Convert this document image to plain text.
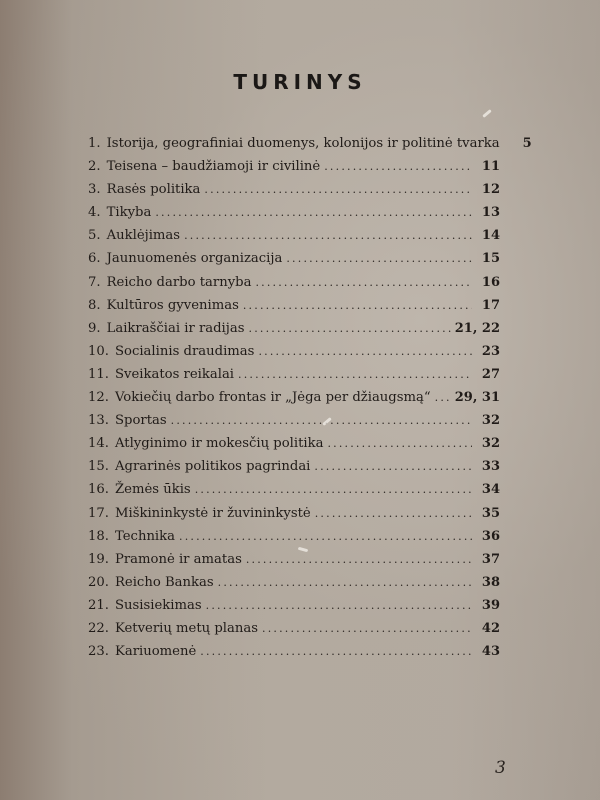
TURINYS
1. Istorija, geografiniai duomenys, kolonijos ir politinė tvarka	5
2. Teisena – baudžiamoji ir civilinė .....	11
3. Rasės politika .....	12
4. Tikyba .....	13
5. Auklėjimas .....	14
6. Jaunuomenės organizacija .....	15
7. Reicho darbo tarnyba .....	16
8. Kultūros gyvenimas .....	17
9. Laikraščiai ir radijas .....	21, 22
10. Socialinis draudimas .....	23
11. Sveikatos reikalai .....	27
12. Vokiečių darbo frontas ir „Jėga per džiaugsmą“ ..... 29, 31
13. Sportas .....	32
14. Atlyginimo ir mokesčių politika .....	32
15. Agrarinės politikos pagrindai .....	33
16. Žemės ūkis .....	34
17. Miškininkystė ir žuvininkystė .....	35
18. Technika .....	36
19. Pramonė ir amatas .....	37
20. Reicho Bankas .....	38
21. Susisiekimas .....	39
22. Ketverių metų planas .....	42
23. Kariuomenė .....	43
3
